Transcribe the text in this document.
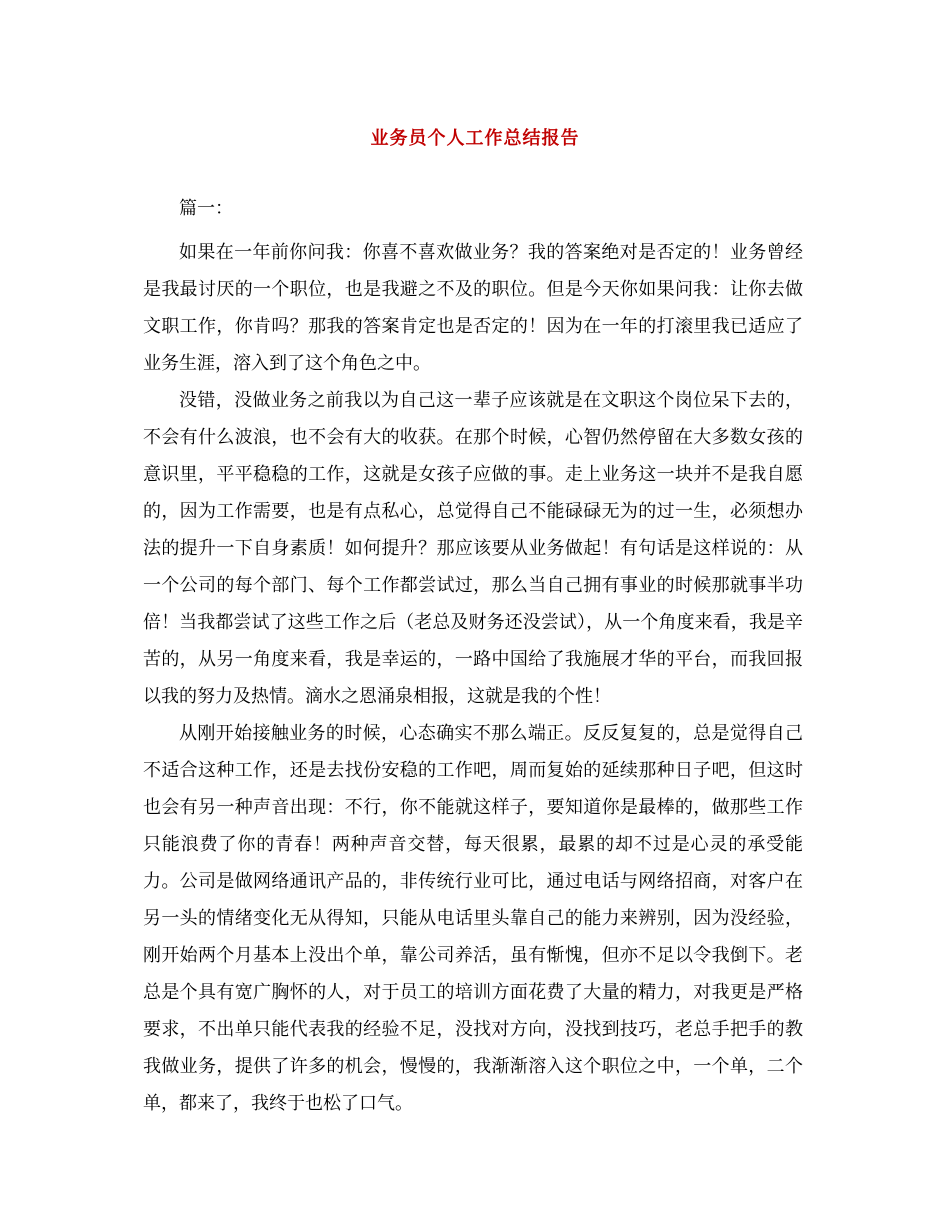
业务员个人工作总结报告

篇一：

如果在一年前你问我：你喜不喜欢做业务？我的答案绝对是否定的！业务曾经是我最讨厌的一个职位，也是我避之不及的职位。但是今天你如果问我：让你去做文职工作，你肯吗？那我的答案肯定也是否定的！因为在一年的打滚里我已适应了业务生涯，溶入到了这个角色之中。

没错，没做业务之前我以为自己这一辈子应该就是在文职这个岗位呆下去的，不会有什么波浪，也不会有大的收获。在那个时候，心智仍然停留在大多数女孩的意识里，平平稳稳的工作，这就是女孩子应做的事。走上业务这一块并不是我自愿的，因为工作需要，也是有点私心，总觉得自己不能碌碌无为的过一生，必须想办法的提升一下自身素质！如何提升？那应该要从业务做起！有句话是这样说的：从一个公司的每个部门、每个工作都尝试过，那么当自己拥有事业的时候那就事半功倍！当我都尝试了这些工作之后（老总及财务还没尝试），从一个角度来看，我是辛苦的，从另一角度来看，我是幸运的，一路中国给了我施展才华的平台，而我回报以我的努力及热情。滴水之恩涌泉相报，这就是我的个性！

从刚开始接触业务的时候，心态确实不那么端正。反反复复的，总是觉得自己不适合这种工作，还是去找份安稳的工作吧，周而复始的延续那种日子吧，但这时也会有另一种声音出现：不行，你不能就这样子，要知道你是最棒的，做那些工作只能浪费了你的青春！两种声音交替，每天很累，最累的却不过是心灵的承受能力。公司是做网络通讯产品的，非传统行业可比，通过电话与网络招商，对客户在另一头的情绪变化无从得知，只能从电话里头靠自己的能力来辨别，因为没经验，刚开始两个月基本上没出个单，靠公司养活，虽有惭愧，但亦不足以令我倒下。老总是个具有宽广胸怀的人，对于员工的培训方面花费了大量的精力，对我更是严格要求，不出单只能代表我的经验不足，没找对方向，没找到技巧，老总手把手的教我做业务，提供了许多的机会，慢慢的，我渐渐溶入这个职位之中，一个单，二个单，都来了，我终于也松了口气。
